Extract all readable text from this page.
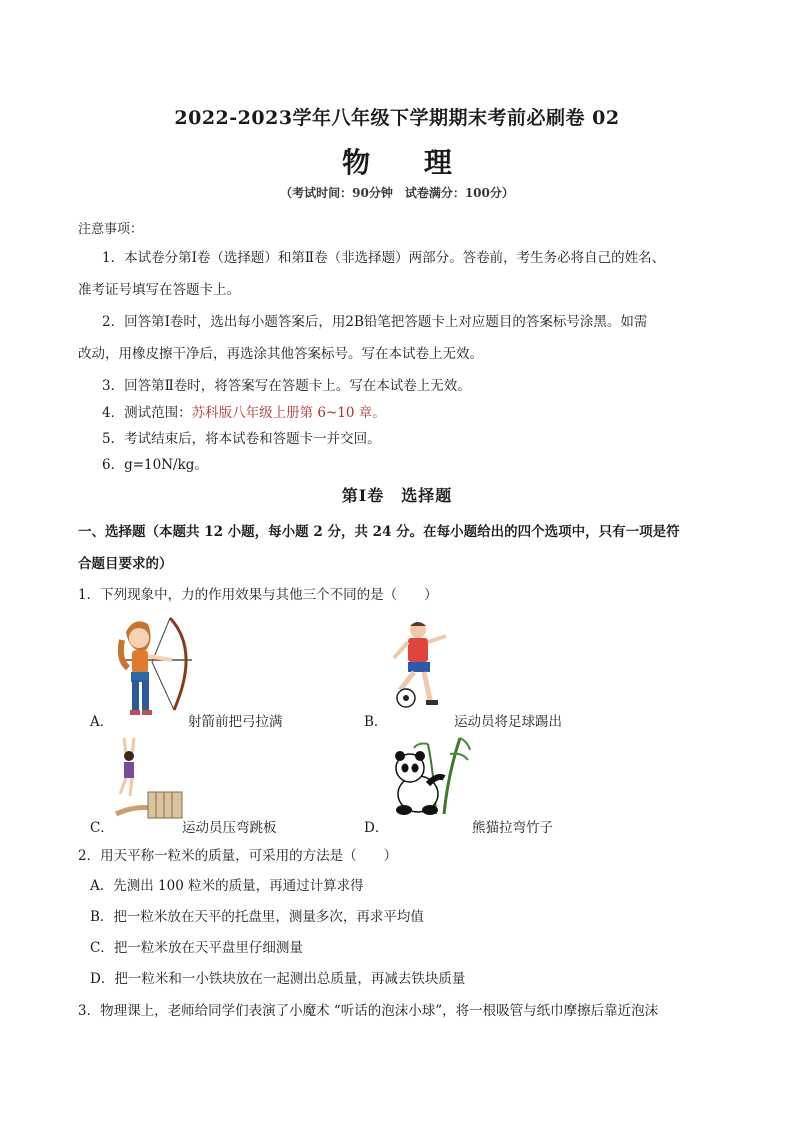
2022-2023学年八年级下学期期末考前必刷卷 02
物 理
（考试时间：90分钟　试卷满分：100分）
注意事项：
1．本试卷分第Ⅰ卷（选择题）和第Ⅱ卷（非选择题）两部分。答卷前，考生务必将自己的姓名、
准考证号填写在答题卡上。
2．回答第Ⅰ卷时，选出每小题答案后，用2B铅笔把答题卡上对应题目的答案标号涂黑。如需
改动，用橡皮擦干净后，再选涂其他答案标号。写在本试卷上无效。
3．回答第Ⅱ卷时，将答案写在答题卡上。写在本试卷上无效。
4．测试范围：苏科版八年级上册第 6~10 章。
5．考试结束后，将本试卷和答题卡一并交回。
6．g=10N/kg。
第Ⅰ卷　选择题
一、选择题（本题共 12 小题，每小题 2 分，共 24 分。在每小题给出的四个选项中，只有一项是符
合题目要求的）
1．下列现象中，力的作用效果与其他三个不同的是（　　）
A．	射箭前把弓拉满	B．	运动员将足球踢出
C．	运动员压弯跳板	D．	熊猫拉弯竹子
2．用天平称一粒米的质量，可采用的方法是（　　）
A．先测出 100 粒米的质量，再通过计算求得
B．把一粒米放在天平的托盘里，测量多次，再求平均值
C．把一粒米放在天平盘里仔细测量
D．把一粒米和一小铁块放在一起测出总质量，再减去铁块质量
3．物理课上，老师给同学们表演了小魔术 “听话的泡沫小球”，将一根吸管与纸巾摩擦后靠近泡沫
